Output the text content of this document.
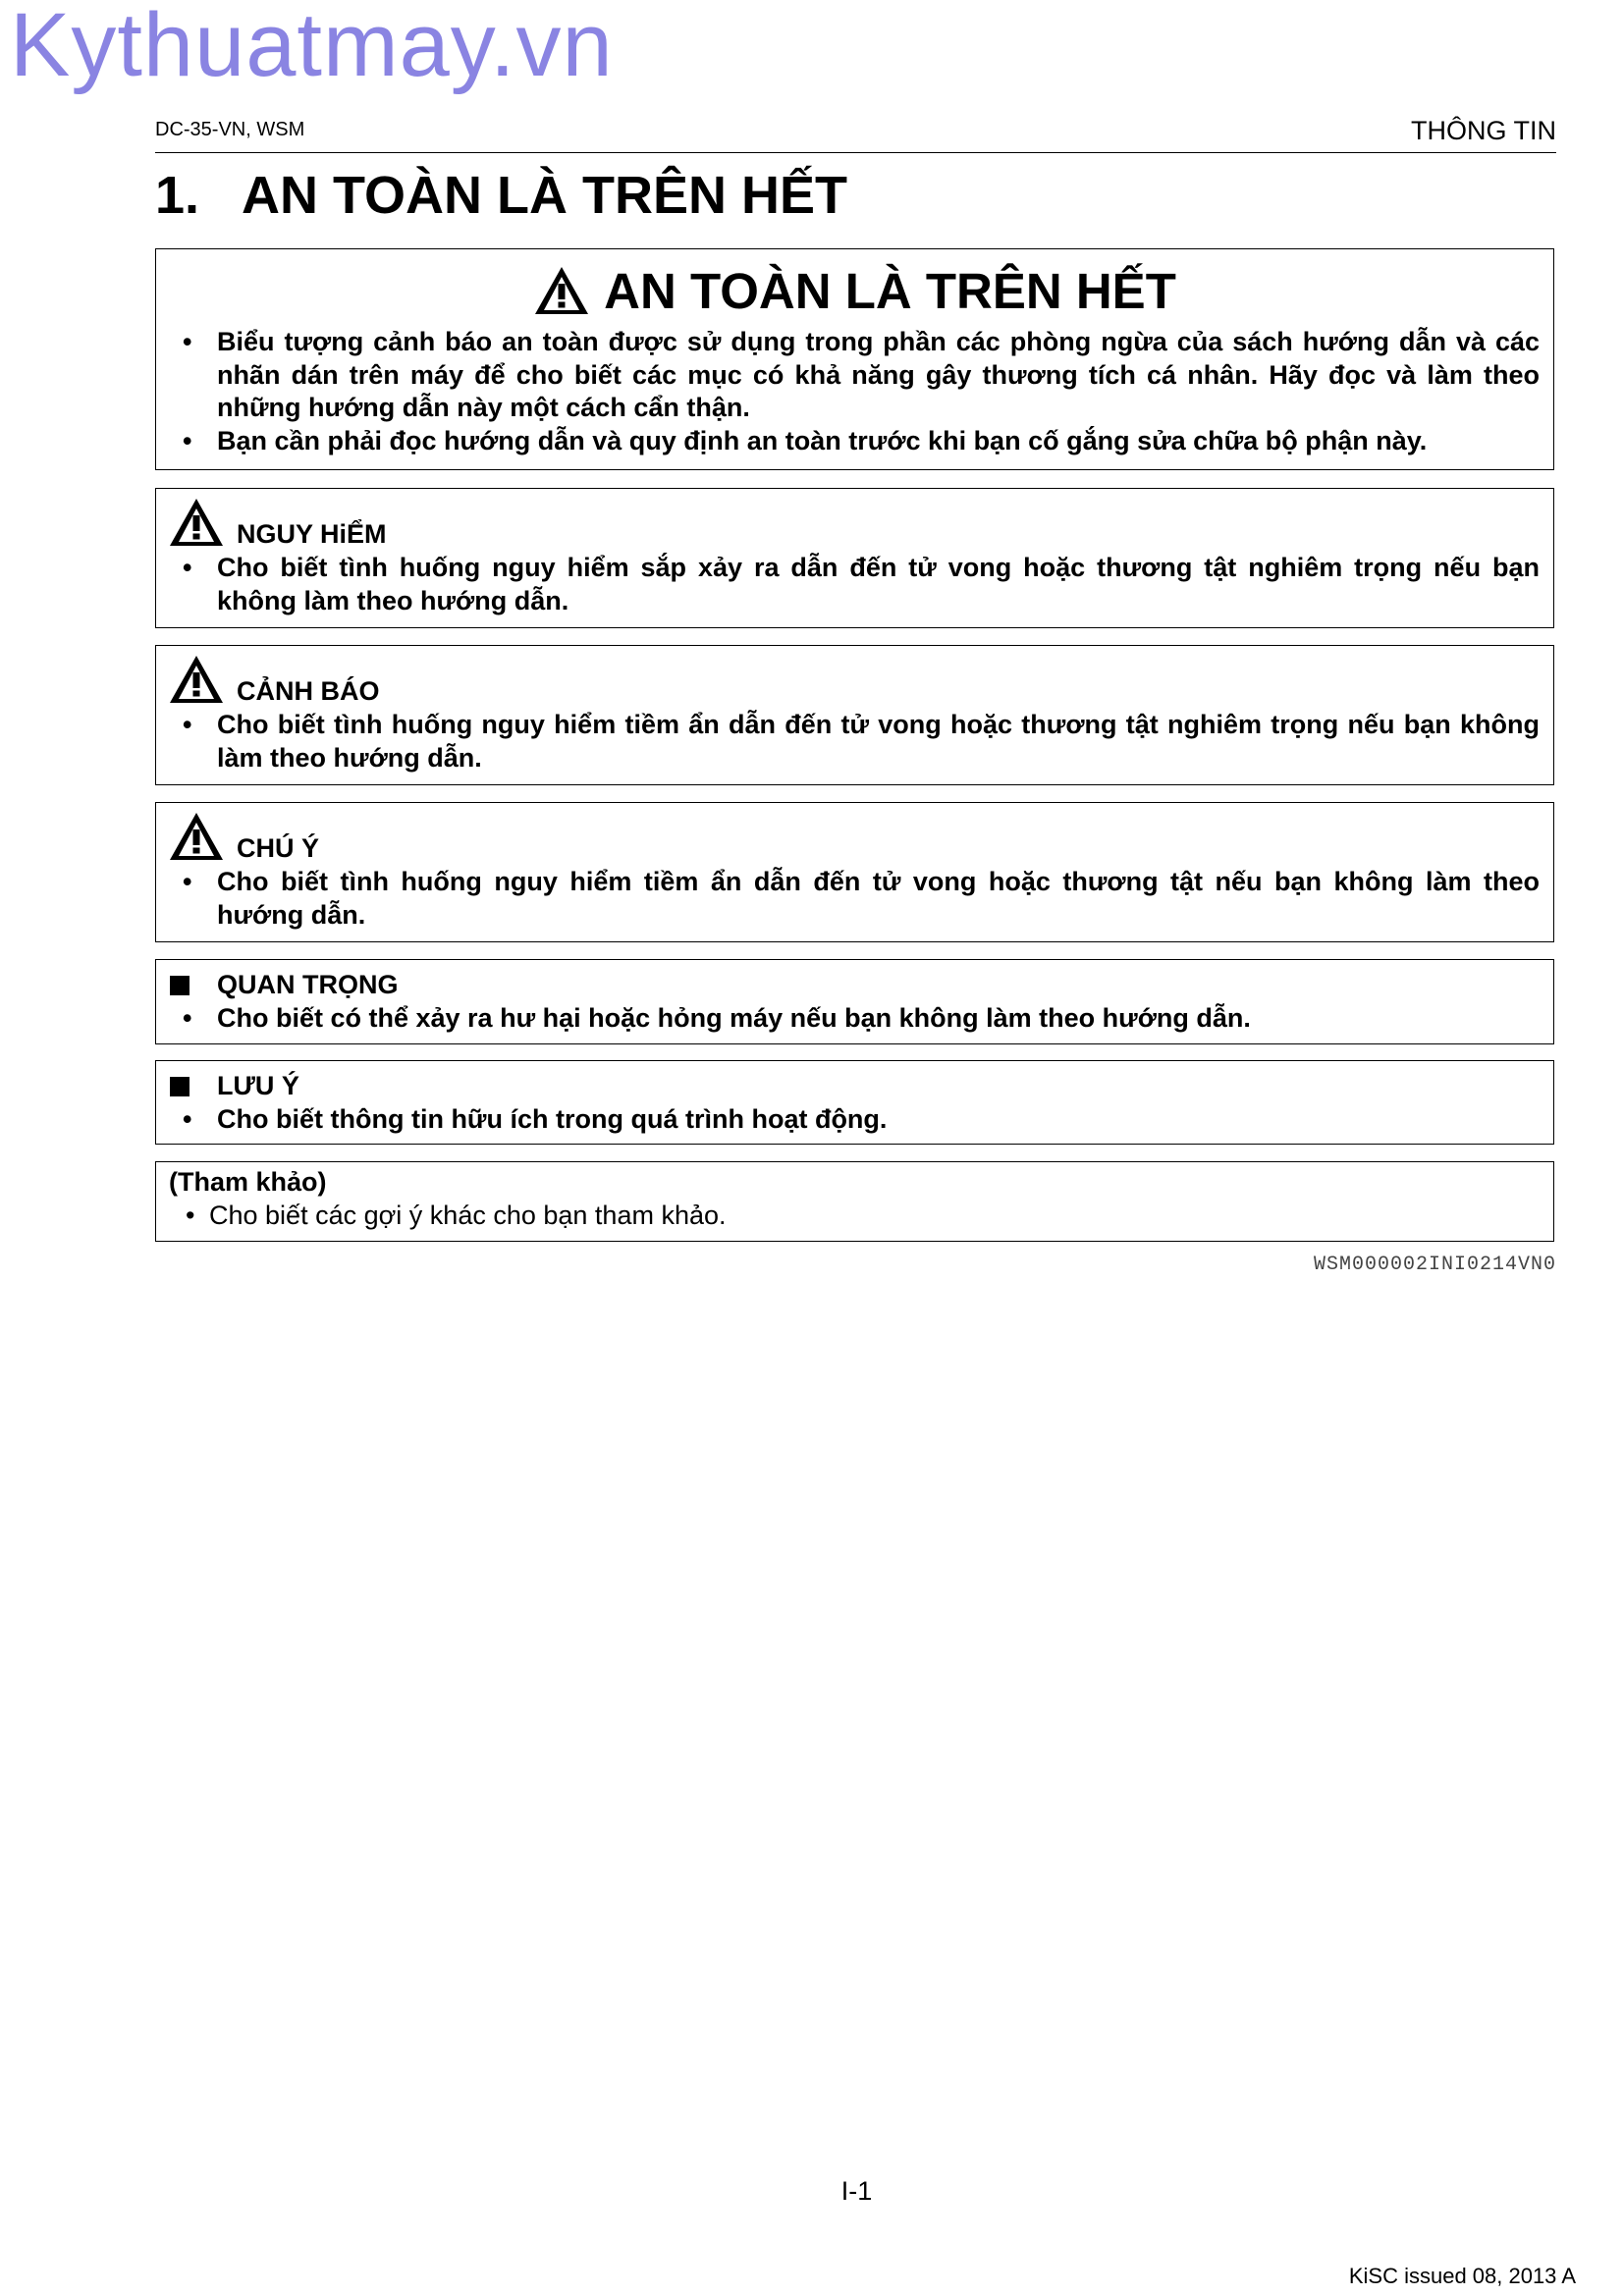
Kythuatmay.vn
DC-35-VN, WSM	THÔNG TIN
1.   AN TOÀN LÀ TRÊN HẾT
AN TOÀN LÀ TRÊN HẾT
• Biểu tượng cảnh báo an toàn được sử dụng trong phần các phòng ngừa của sách hướng dẫn và các nhãn dán trên máy để cho biết các mục có khả năng gây thương tích cá nhân. Hãy đọc và làm theo những hướng dẫn này một cách cẩn thận.
• Bạn cần phải đọc hướng dẫn và quy định an toàn trước khi bạn cố gắng sửa chữa bộ phận này.
NGUY HiỂM
• Cho biết tình huống nguy hiểm sắp xảy ra dẫn đến tử vong hoặc thương tật nghiêm trọng nếu bạn không làm theo hướng dẫn.
CẢNH BÁO
• Cho biết tình huống nguy hiểm tiềm ẩn dẫn đến tử vong hoặc thương tật nghiêm trọng nếu bạn không làm theo hướng dẫn.
CHÚ Ý
• Cho biết tình huống nguy hiểm tiềm ẩn dẫn đến tử vong hoặc thương tật nếu bạn không làm theo hướng dẫn.
QUAN TRỌNG
• Cho biết có thể xảy ra hư hại hoặc hỏng máy nếu bạn không làm theo hướng dẫn.
LƯU Ý
• Cho biết thông tin hữu ích trong quá trình hoạt động.
(Tham khảo)
• Cho biết các gợi ý khác cho bạn tham khảo.
WSM000002INI0214VN0
I-1
KiSC issued 08, 2013 A
